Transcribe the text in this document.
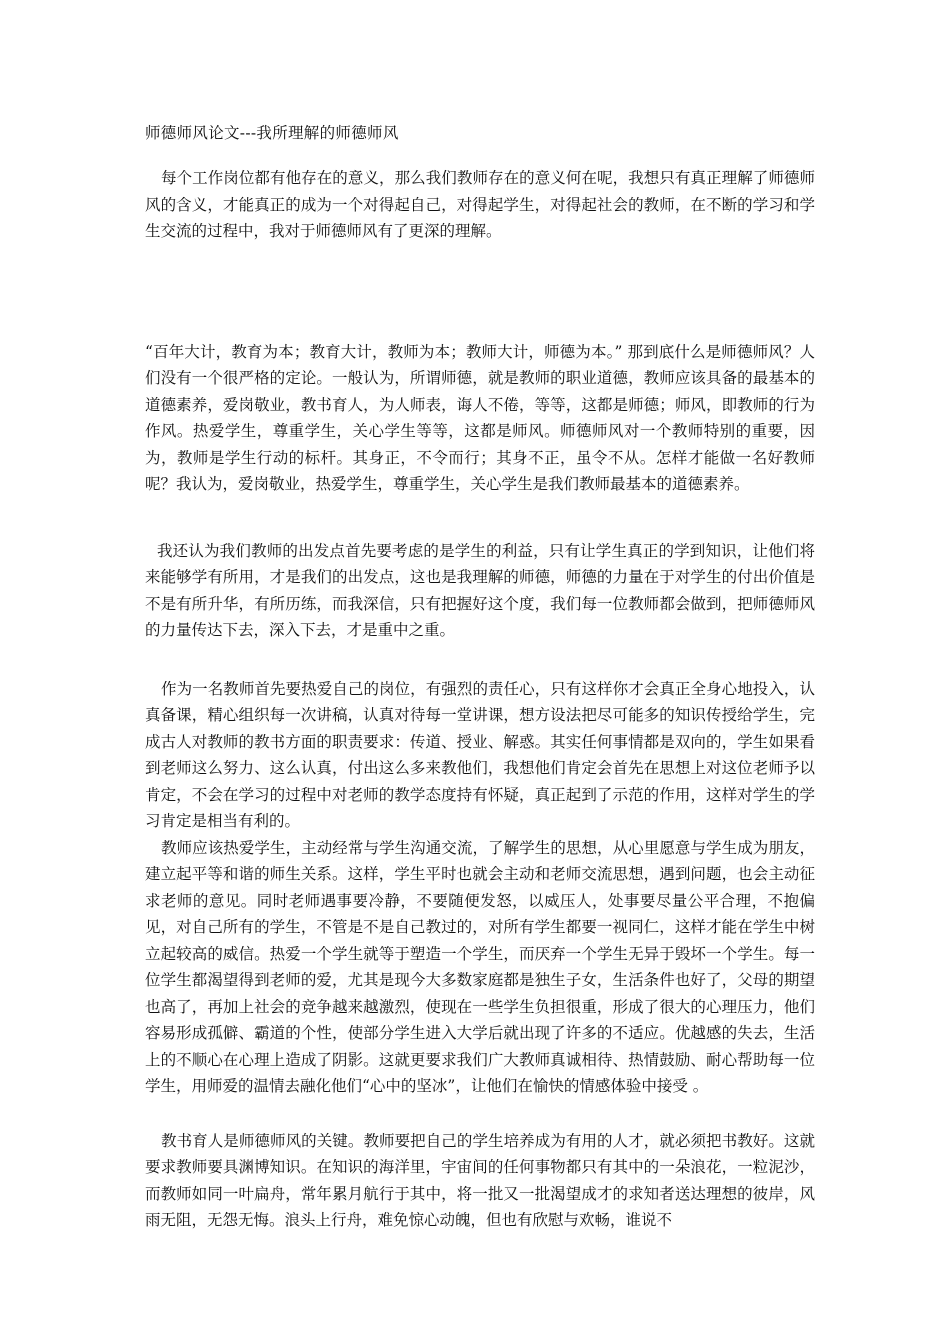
师德师风论文---我所理解的师德师风

每个工作岗位都有他存在的意义，那么我们教师存在的意义何在呢，我想只有真正理解了师德师风的含义，才能真正的成为一个对得起自己，对得起学生，对得起社会的教师，在不断的学习和学生交流的过程中，我对于师德师风有了更深的理解。

“百年大计，教育为本；教育大计，教师为本；教师大计，师德为本。” 那到底什么是师德师风？人们没有一个很严格的定论。一般认为，所谓师德，就是教师的职业道德，教师应该具备的最基本的道德素养，爱岗敬业，教书育人，为人师表，诲人不倦，等等，这都是师德；师风，即教师的行为作风。热爱学生，尊重学生，关心学生等等，这都是师风。师德师风对一个教师特别的重要，因为，教师是学生行动的标杆。其身正，不令而行；其身不正，虽令不从。怎样才能做一名好教师呢？我认为，爱岗敬业，热爱学生，尊重学生，关心学生是我们教师最基本的道德素养。

我还认为我们教师的出发点首先要考虑的是学生的利益，只有让学生真正的学到知识，让他们将来能够学有所用，才是我们的出发点，这也是我理解的师德，师德的力量在于对学生的付出价值是不是有所升华，有所历练，而我深信，只有把握好这个度，我们每一位教师都会做到，把师德师风的力量传达下去，深入下去，才是重中之重。

作为一名教师首先要热爱自己的岗位，有强烈的责任心，只有这样你才会真正全身心地投入，认真备课，精心组织每一次讲稿，认真对待每一堂讲课，想方设法把尽可能多的知识传授给学生，完成古人对教师的教书方面的职责要求：传道、授业、解惑。其实任何事情都是双向的，学生如果看到老师这么努力、这么认真，付出这么多来教他们，我想他们肯定会首先在思想上对这位老师予以肯定，不会在学习的过程中对老师的教学态度持有怀疑，真正起到了示范的作用，这样对学生的学习肯定是相当有利的。

教师应该热爱学生，主动经常与学生沟通交流，了解学生的思想，从心里愿意与学生成为朋友，建立起平等和谐的师生关系。这样，学生平时也就会主动和老师交流思想，遇到问题，也会主动征求老师的意见。同时老师遇事要冷静，不要随便发怒，以威压人，处事要尽量公平合理，不抱偏见，对自己所有的学生，不管是不是自己教过的，对所有学生都要一视同仁，这样才能在学生中树立起较高的威信。热爱一个学生就等于塑造一个学生，而厌弃一个学生无异于毁坏一个学生。每一位学生都渴望得到老师的爱，尤其是现今大多数家庭都是独生子女，生活条件也好了，父母的期望也高了，再加上社会的竞争越来越激烈，使现在一些学生负担很重，形成了很大的心理压力，他们容易形成孤僻、霸道的个性，使部分学生进入大学后就出现了许多的不适应。优越感的失去，生活上的不顺心在心理上造成了阴影。这就更要求我们广大教师真诚相待、热情鼓励、耐心帮助每一位学生，用师爱的温情去融化他们“心中的坚冰”，让他们在愉快的情感体验中接受 。

教书育人是师德师风的关键。教师要把自己的学生培养成为有用的人才，就必须把书教好。这就要求教师要具渊博知识。在知识的海洋里，宇宙间的任何事物都只有其中的一朵浪花，一粒泥沙，而教师如同一叶扁舟，常年累月航行于其中，将一批又一批渴望成才的求知者送达理想的彼岸，风雨无阻，无怨无悔。浪头上行舟，难免惊心动魄，但也有欣慰与欢畅，谁说不
